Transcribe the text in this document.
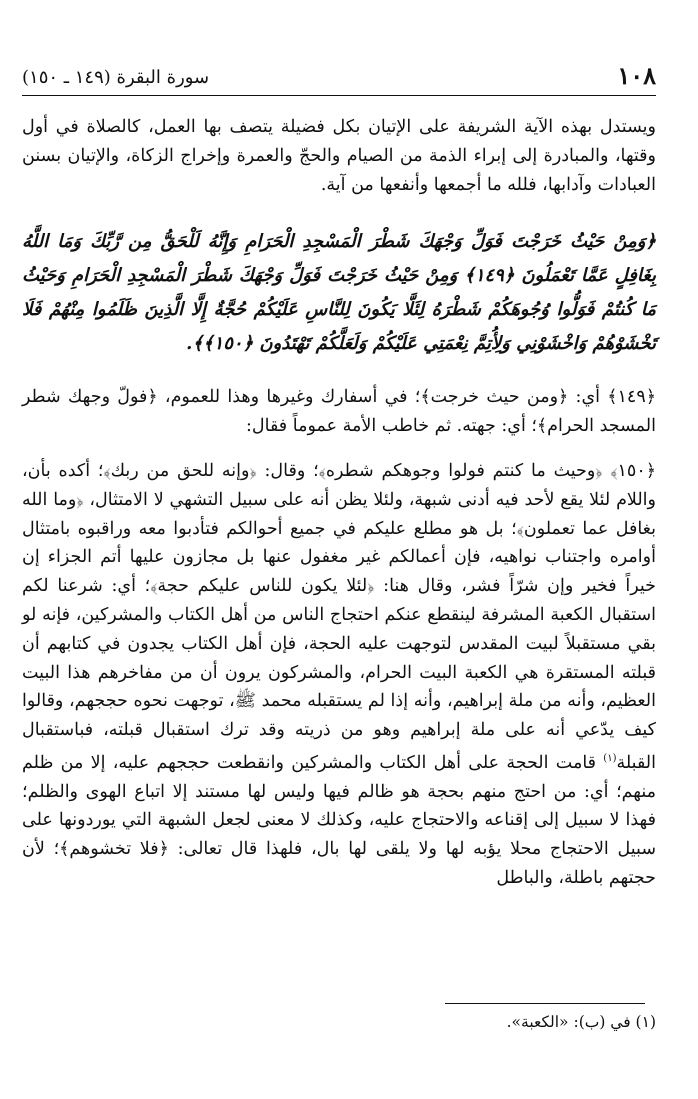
١٠٨
سورة البقرة (١٤٩ ـ ١٥٠)

ويستدل بهذه الآية الشريفة على الإتيان بكل فضيلة يتصف بها العمل، كالصلاة في أول وقتها، والمبادرة إلى إبراء الذمة من الصيام والحجّ والعمرة وإخراج الزكاة، والإتيان بسنن العبادات وآدابها، فلله ما أجمعها وأنفعها من آية.

﴿وَمِنْ حَيْثُ خَرَجْتَ فَوَلِّ وَجْهَكَ شَطْرَ الْمَسْجِدِ الْحَرَامِ وَإِنَّهُ لَلْحَقُّ مِن رَّبِّكَ وَمَا اللَّهُ بِغَافِلٍ عَمَّا تَعْمَلُونَ ﴿١٤٩﴾ وَمِنْ حَيْثُ خَرَجْتَ فَوَلِّ وَجْهَكَ شَطْرَ الْمَسْجِدِ الْحَرَامِ وَحَيْثُ مَا كُنتُمْ فَوَلُّوا وُجُوهَكُمْ شَطْرَهُ لِئَلَّا يَكُونَ لِلنَّاسِ عَلَيْكُمْ حُجَّةٌ إِلَّا الَّذِينَ ظَلَمُوا مِنْهُمْ فَلَا تَخْشَوْهُمْ وَاخْشَوْنِي وَلِأُتِمَّ نِعْمَتِي عَلَيْكُمْ وَلَعَلَّكُمْ تَهْتَدُونَ ﴿١٥٠﴾﴾.

﴿١٤٩﴾ أي: ﴿ومن حيث خرجت﴾؛ في أسفارك وغيرها وهذا للعموم، ﴿فولّ وجهك شطر المسجد الحرام﴾؛ أي: جهته. ثم خاطب الأمة عموماً فقال:

﴿١٥٠﴾ ﴿وحيث ما كنتم فولوا وجوهكم شطره﴾؛ وقال: ﴿وإنه للحق من ربك﴾؛ أكده بأن، واللام لئلا يقع لأحد فيه أدنى شبهة، ولئلا يظن أنه على سبيل التشهي لا الامتثال، ﴿وما الله بغافل عما تعملون﴾؛ بل هو مطلع عليكم في جميع أحوالكم فتأدبوا معه وراقبوه بامتثال أوامره واجتناب نواهيه، فإن أعمالكم غير مغفول عنها بل مجازون عليها أتم الجزاء إن خيراً فخير وإن شرّاً فشر، وقال هنا: ﴿لئلا يكون للناس عليكم حجة﴾؛ أي: شرعنا لكم استقبال الكعبة المشرفة لينقطع عنكم احتجاج الناس من أهل الكتاب والمشركين، فإنه لو بقي مستقبلاً لبيت المقدس لتوجهت عليه الحجة، فإن أهل الكتاب يجدون في كتابهم أن قبلته المستقرة هي الكعبة البيت الحرام، والمشركون يرون أن من مفاخرهم هذا البيت العظيم، وأنه من ملة إبراهيم، وأنه إذا لم يستقبله محمد ﷺ، توجهت نحوه حججهم، وقالوا كيف يدّعي أنه على ملة إبراهيم وهو من ذريته وقد ترك استقبال قبلته، فباستقبال القبلة$^{(١)}$ قامت الحجة على أهل الكتاب والمشركين وانقطعت حججهم عليه، إلا من ظلم منهم؛ أي: من احتج منهم بحجة هو ظالم فيها وليس لها مستند إلا اتباع الهوى والظلم؛ فهذا لا سبيل إلى إقناعه والاحتجاج عليه، وكذلك لا معنى لجعل الشبهة التي يوردونها على سبيل الاحتجاج محلا يؤبه لها ولا يلقى لها بال، فلهذا قال تعالى: ﴿فلا تخشوهم﴾؛ لأن حجتهم باطلة، والباطل

(١) في (ب): «الكعبة».
